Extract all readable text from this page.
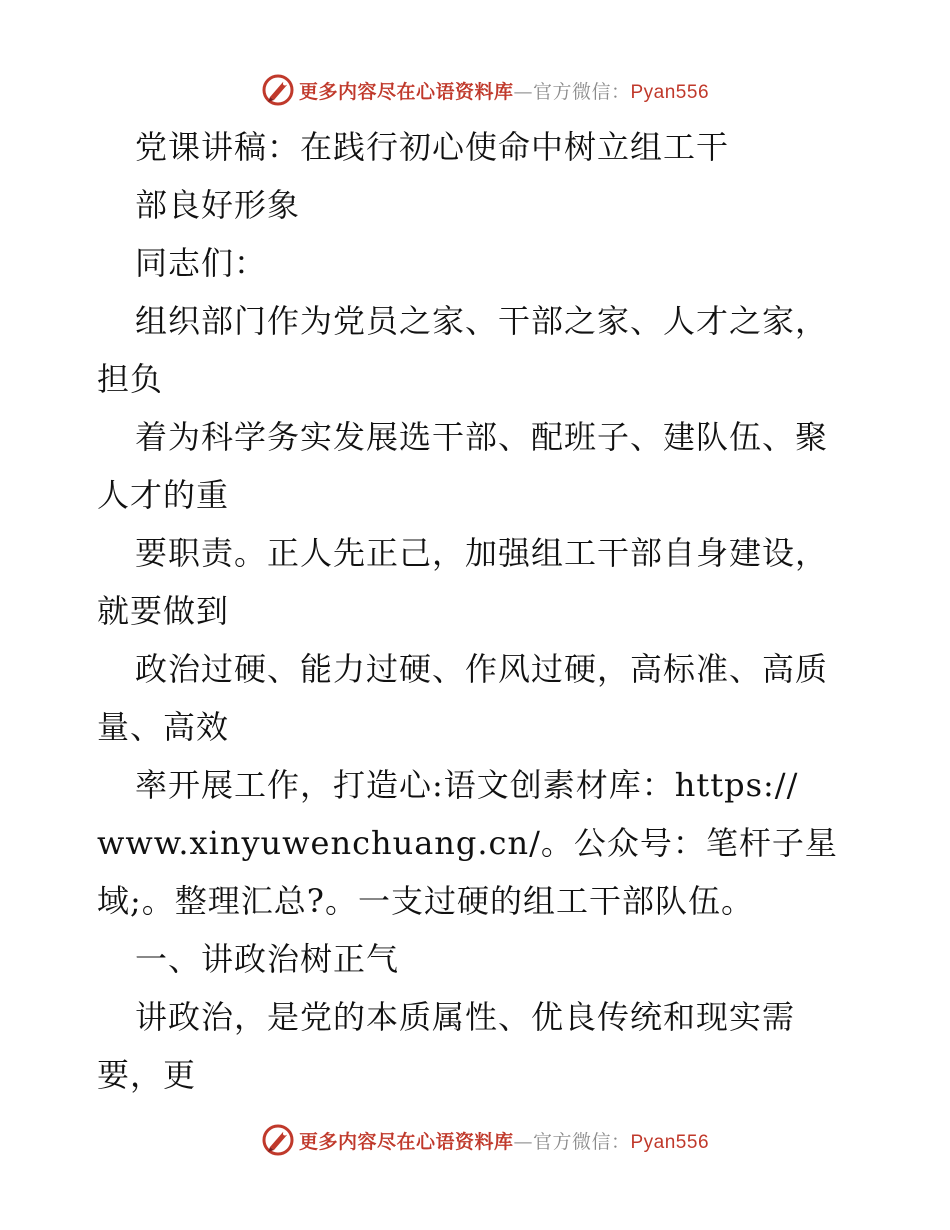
更多内容尽在心语资料库—官方微信：Pyan556
党课讲稿：在践行初心使命中树立组工干
部良好形象
同志们：
组织部门作为党员之家、干部之家、人才之家，
担负
着为科学务实发展选干部、配班子、建队伍、聚
人才的重
要职责。正人先正己，加强组工干部自身建设，
就要做到
政治过硬、能力过硬、作风过硬，高标准、高质
量、高效
率开展工作，打造心:语文创素材库：https://
www.xinyuwenchuang.cn/。公众号：笔杆子星
域;。整理汇总?。一支过硬的组工干部队伍。
一、讲政治树正气
讲政治，是党的本质属性、优良传统和现实需
要，更
更多内容尽在心语资料库—官方微信：Pyan556
